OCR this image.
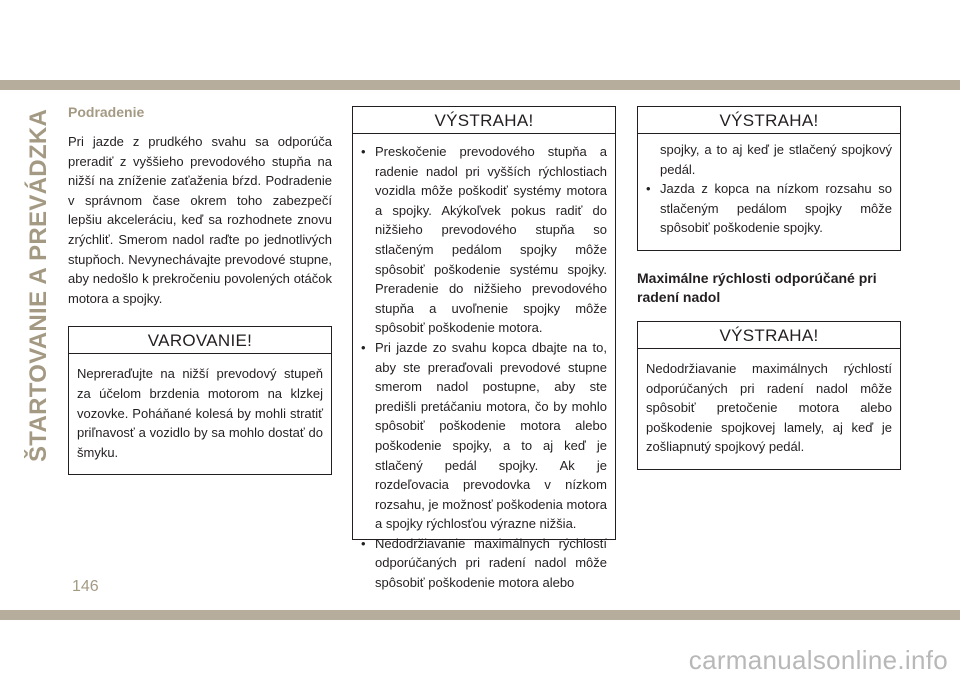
ŠTARTOVANIE A PREVÁDZKA Podradenie

Pri jazde z prudkého svahu sa odporúča preradiť z vyššieho prevodového stupňa na nižší na zníženie zaťaženia bŕzd. Podradenie v správnom čase okrem toho zabezpečí lepšiu akceleráciu, keď sa rozhodnete znovu zrýchliť. Smerom nadol raďte po jednotlivých stupňoch. Nevynechávajte prevodové stupne, aby nedošlo k prekročeniu povolených otáčok motora a spojky.

VAROVANIE!
Nepreraďujte na nižší prevodový stupeň za účelom brzdenia motorom na klzkej vozovke. Poháňané kolesá by mohli stratiť priľnavosť a vozidlo by sa mohlo dostať do šmyku.
VÝSTRAHA!
• Preskočenie prevodového stupňa a radenie nadol pri vyšších rýchlostiach vozidla môže poškodiť systémy motora a spojky. Akýkoľvek pokus radiť do nižšieho prevodového stupňa so stlačeným pedálom spojky môže spôsobiť poškodenie systému spojky. Preradenie do nižšieho prevodového stupňa a uvoľnenie spojky môže spôsobiť poškodenie motora.
• Pri jazde zo svahu kopca dbajte na to, aby ste preraďovali prevodové stupne smerom nadol postupne, aby ste predišli pretáčaniu motora, čo by mohlo spôsobiť poškodenie motora alebo poškodenie spojky, a to aj keď je stlačený pedál spojky. Ak je rozdeľovacia prevodovka v nízkom rozsahu, je možnosť poškodenia motora a spojky rýchlosťou výrazne nižšia.
• Nedodržiavanie maximálnych rýchlostí odporúčaných pri radení nadol môže spôsobiť poškodenie motora alebo
VÝSTRAHA!
spojky, a to aj keď je stlačený spojkový pedál.
• Jazda z kopca na nízkom rozsahu so stlačeným pedálom spojky môže spôsobiť poškodenie spojky.
Maximálne rýchlosti odporúčané pri radení nadol
VÝSTRAHA!
Nedodržiavanie maximálnych rýchlostí odporúčaných pri radení nadol môže spôsobiť pretočenie motora alebo poškodenie spojkovej lamely, aj keď je zošliapnutý spojkový pedál.
146
carmanualsonline.info
